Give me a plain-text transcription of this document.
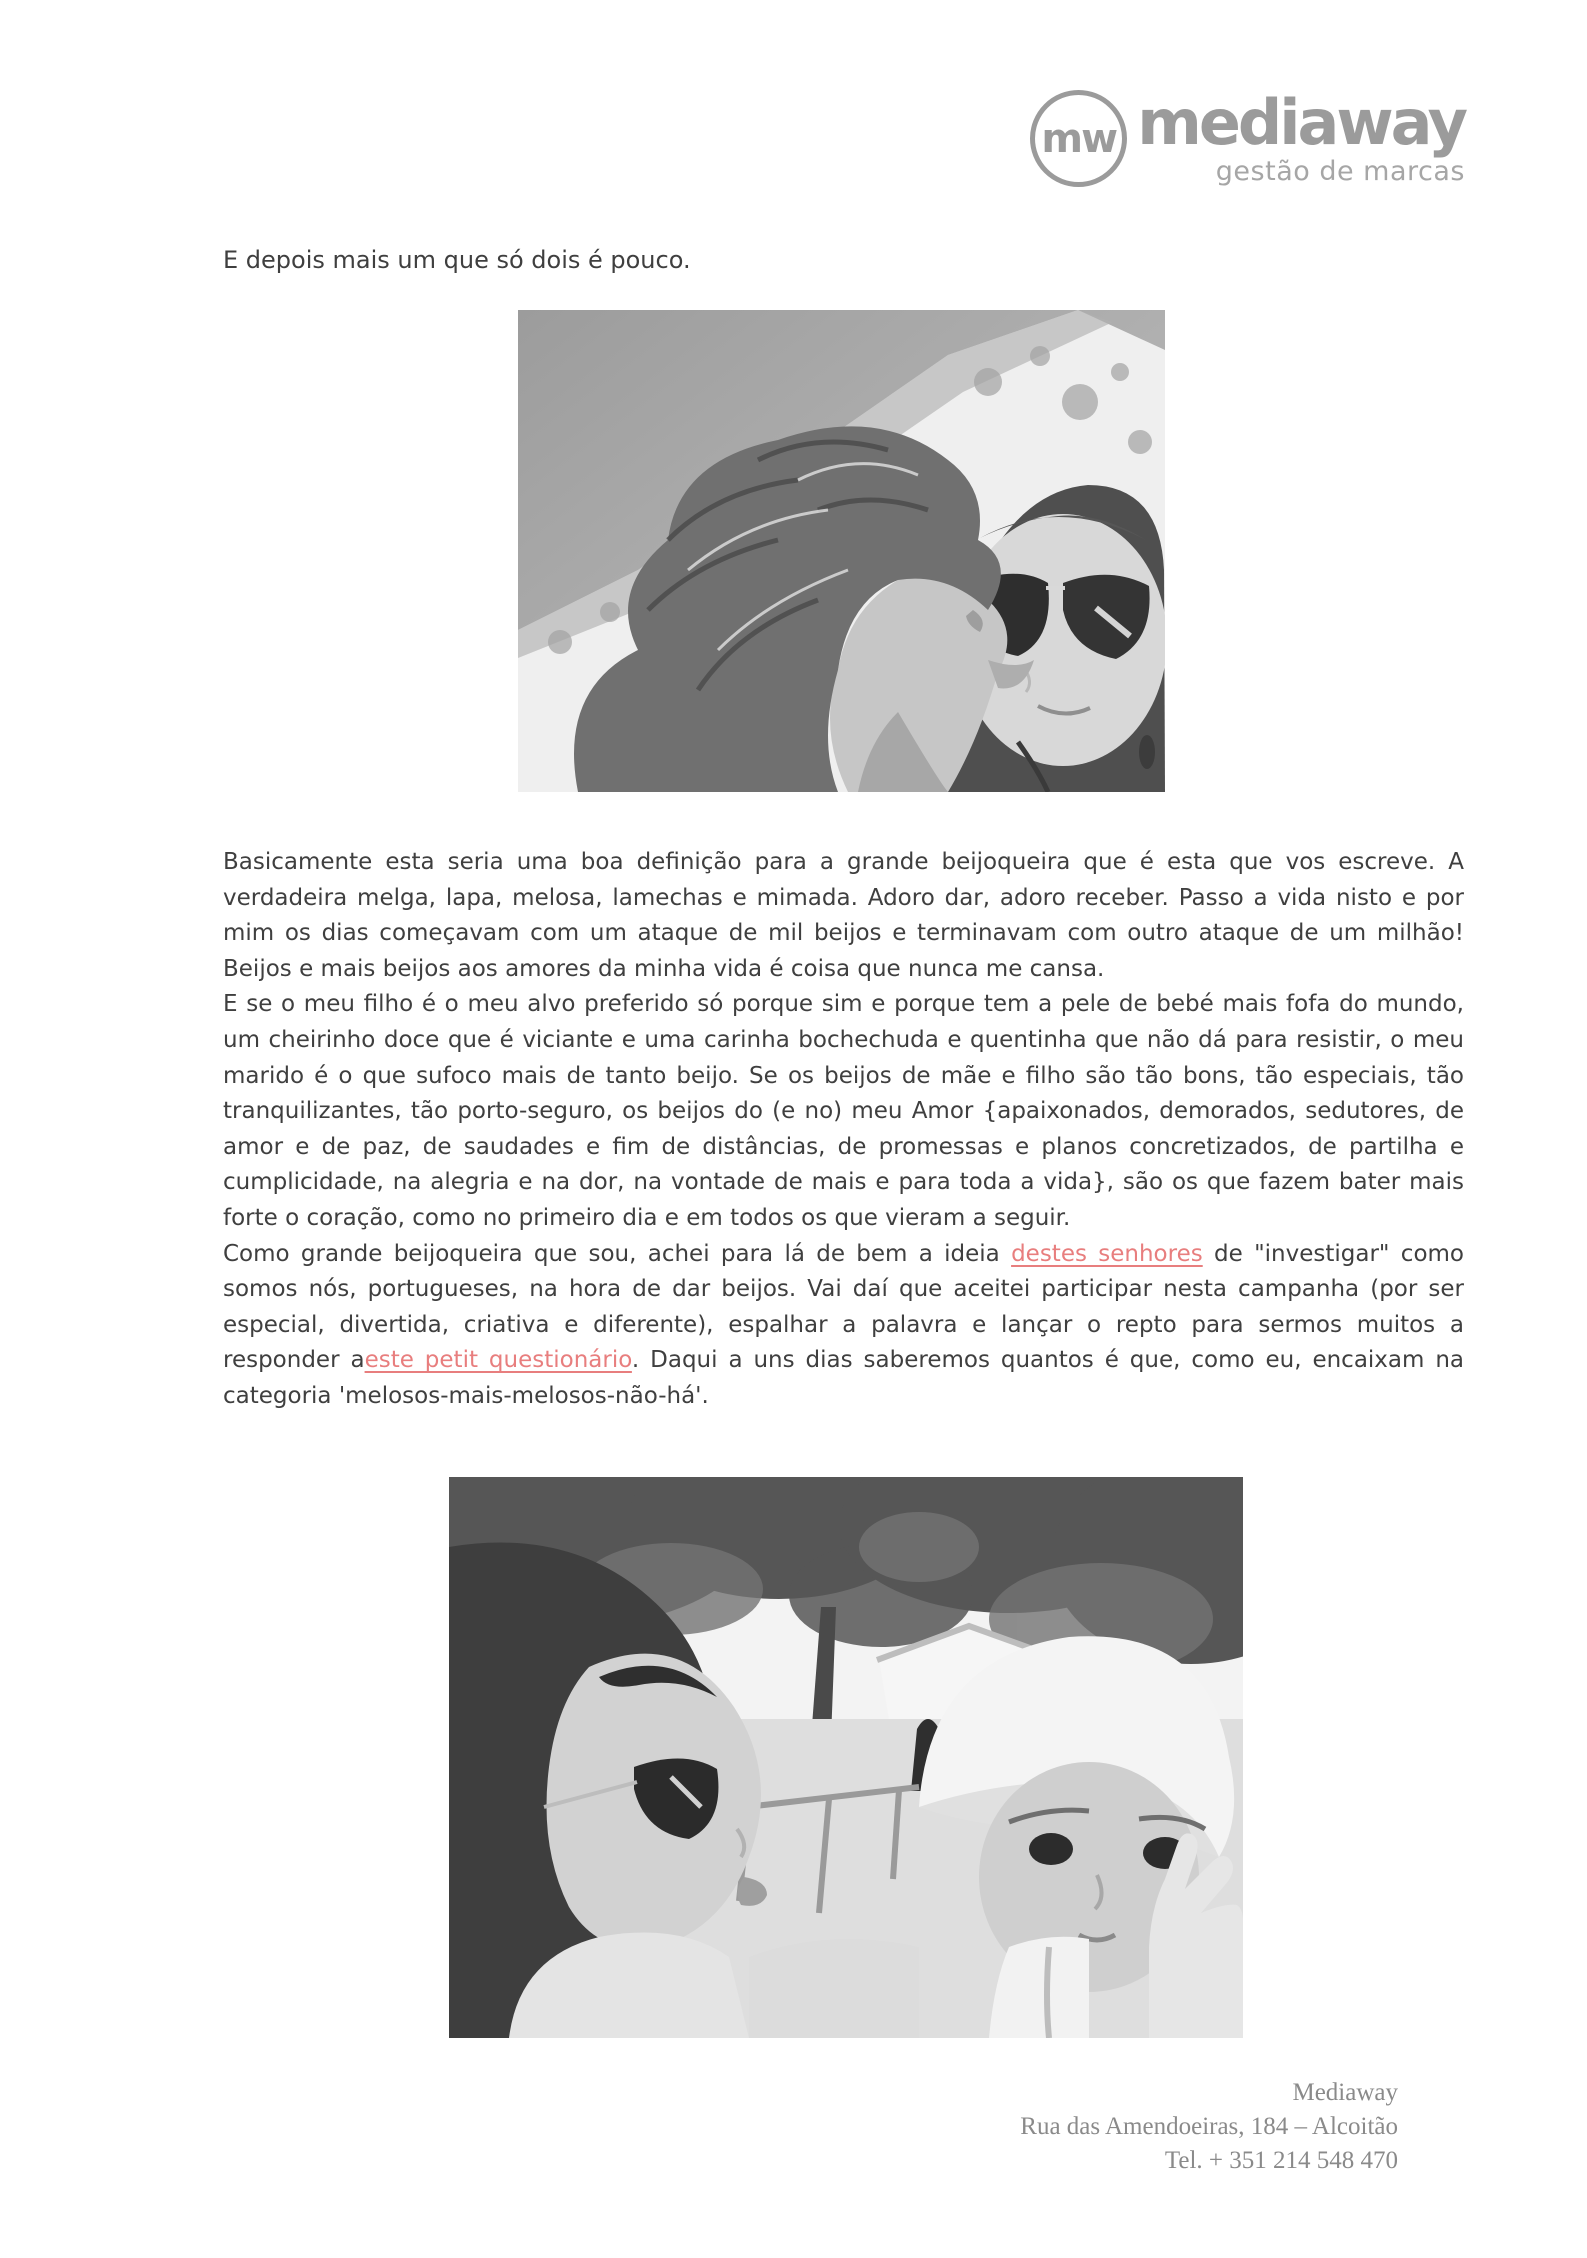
mw mediaway
gestão de marcas
E depois mais um que só dois é pouco.

Basicamente esta seria uma boa definição para a grande beijoqueira que é esta que vos escreve. A verdadeira melga, lapa, melosa, lamechas e mimada. Adoro dar, adoro receber. Passo a vida nisto e por mim os dias começavam com um ataque de mil beijos e terminavam com outro ataque de um milhão! Beijos e mais beijos aos amores da minha vida é coisa que nunca me cansa.

E se o meu filho é o meu alvo preferido só porque sim e porque tem a pele de bebé mais fofa do mundo, um cheirinho doce que é viciante e uma carinha bochechuda e quentinha que não dá para resistir, o meu marido é o que sufoco mais de tanto beijo. Se os beijos de mãe e filho são tão bons, tão especiais, tão tranquilizantes, tão porto-seguro, os beijos do (e no) meu Amor {apaixonados, demorados, sedutores, de amor e de paz, de saudades e fim de distâncias, de promessas e planos concretizados, de partilha e cumplicidade, na alegria e na dor, na vontade de mais e para toda a vida}, são os que fazem bater mais forte o coração, como no primeiro dia e em todos os que vieram a seguir.

Como grande beijoqueira que sou, achei para lá de bem a ideia destes senhores de "investigar" como somos nós, portugueses, na hora de dar beijos. Vai daí que aceitei participar nesta campanha (por ser especial, divertida, criativa e diferente), espalhar a palavra e lançar o repto para sermos muitos a responder aeste petit questionário. Daqui a uns dias saberemos quantos é que, como eu, encaixam na categoria 'melosos-mais-melosos-não-há'.

Mediaway
Rua das Amendoeiras, 184 – Alcoitão
Tel. + 351 214 548 470
